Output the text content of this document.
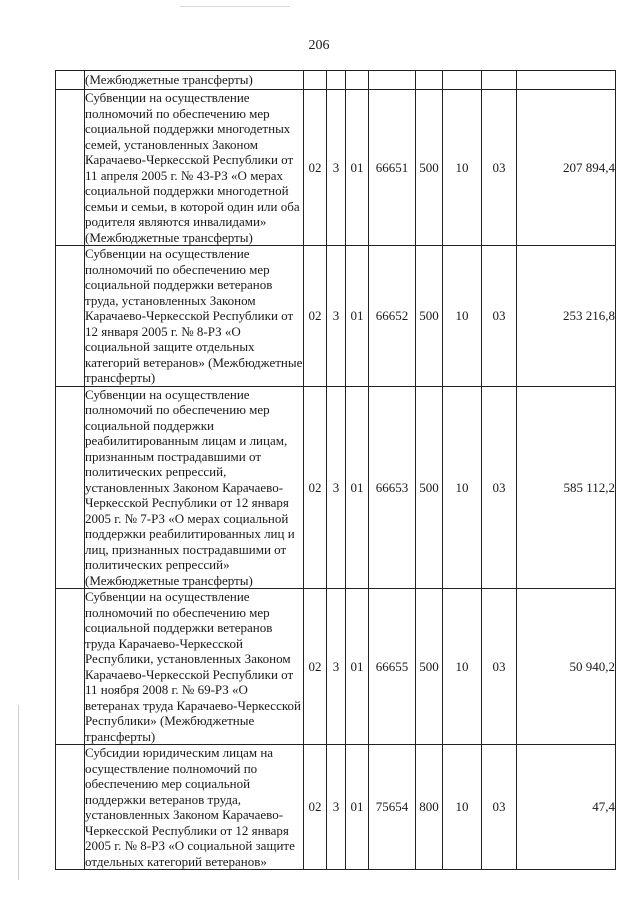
206
	(Межбюджетные трансферты)								
	Субвенции на осуществление полномочий по обеспечению мер социальной поддержки многодетных семей, установленных Законом Карачаево-Черкесской Республики от 11 апреля 2005 г. № 43-РЗ «О мерах социальной поддержки многодетной семьи и семьи, в которой один или оба родителя являются инвалидами» (Межбюджетные трансферты)	02	3	01	66651	500	10	03	207 894,4
	Субвенции на осуществление полномочий по обеспечению мер социальной поддержки ветеранов труда, установленных Законом Карачаево-Черкесской Республики от 12 января 2005 г. № 8-РЗ «О социальной защите отдельных категорий ветеранов» (Межбюджетные трансферты)	02	3	01	66652	500	10	03	253 216,8
	Субвенции на осуществление полномочий по обеспечению мер социальной поддержки реабилитированным лицам и лицам, признанным пострадавшими от политических репрессий, установленных Законом Карачаево-Черкесской Республики от 12 января 2005 г. № 7-РЗ «О мерах социальной поддержки реабилитированных лиц и лиц, признанных пострадавшими от политических репрессий» (Межбюджетные трансферты)	02	3	01	66653	500	10	03	585 112,2
	Субвенции на осуществление полномочий по обеспечению мер социальной поддержки ветеранов труда Карачаево-Черкесской Республики, установленных Законом Карачаево-Черкесской Республики от 11 ноября 2008 г. № 69-РЗ «О ветеранах труда Карачаево-Черкесской Республики» (Межбюджетные трансферты)	02	3	01	66655	500	10	03	50 940,2
	Субсидии юридическим лицам на осуществление полномочий по обеспечению мер социальной поддержки ветеранов труда, установленных Законом Карачаево-Черкесской Республики от 12 января 2005 г. № 8-РЗ «О социальной защите отдельных категорий ветеранов»	02	3	01	75654	800	10	03	47,4
